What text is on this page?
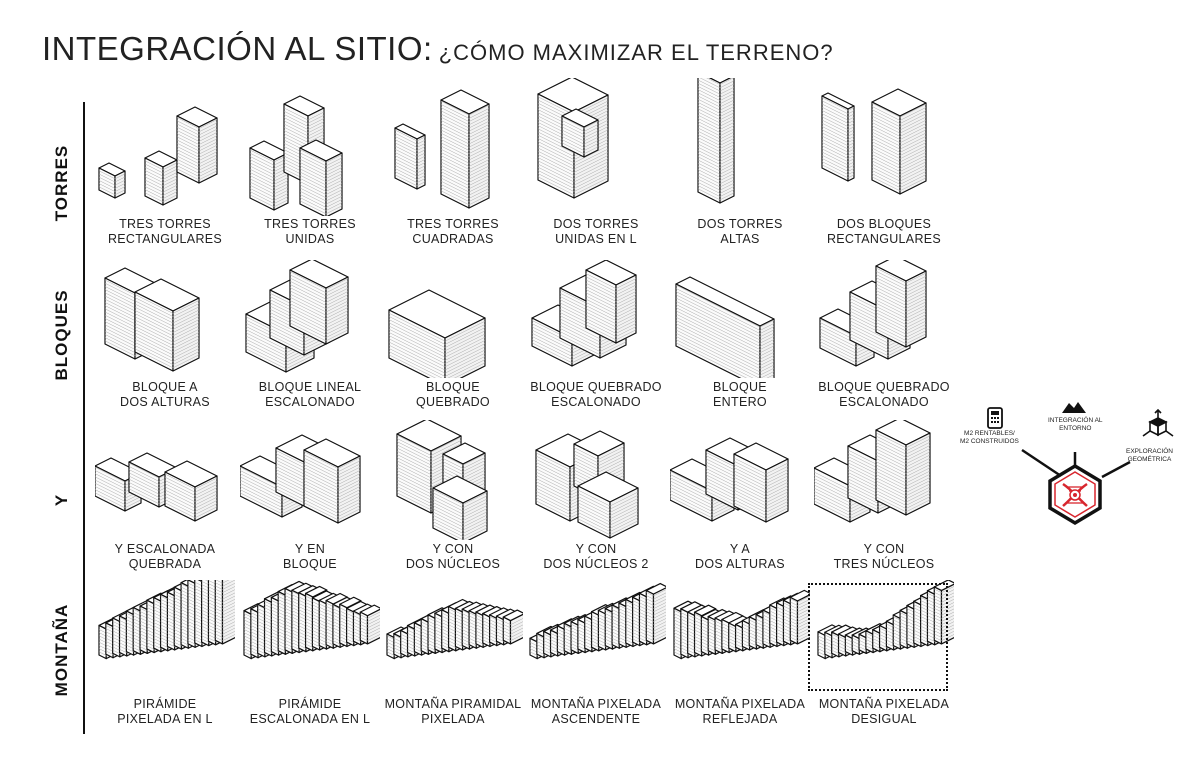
INTEGRACIÓN AL SITIO: ¿CÓMO MAXIMIZAR EL TERRENO?
TORRES
BLOQUES
Y
MONTAÑA
TRES TORRES
RECTANGULARES
TRES TORRES
UNIDAS
TRES TORRES
CUADRADAS
DOS TORRES
UNIDAS EN L
DOS TORRES
ALTAS
DOS BLOQUES
RECTANGULARES
BLOQUE A
DOS ALTURAS
BLOQUE LINEAL
ESCALONADO
BLOQUE
QUEBRADO
BLOQUE QUEBRADO
ESCALONADO
BLOQUE
ENTERO
BLOQUE QUEBRADO
ESCALONADO
Y ESCALONADA
QUEBRADA
Y EN
BLOQUE
Y CON
DOS NÚCLEOS
Y CON
DOS NÚCLEOS 2
Y A
DOS ALTURAS
Y CON
TRES NÚCLEOS
PIRÁMIDE
PIXELADA EN L
PIRÁMIDE
ESCALONADA EN L
MONTAÑA PIRAMIDAL
PIXELADA
MONTAÑA PIXELADA
ASCENDENTE
MONTAÑA PIXELADA
REFLEJADA
MONTAÑA PIXELADA
DESIGUAL
M2 RENTABLES/
M2 CONSTRUIDOS
INTEGRACIÓN AL
ENTORNO
EXPLORACIÓN
GEOMÉTRICA
